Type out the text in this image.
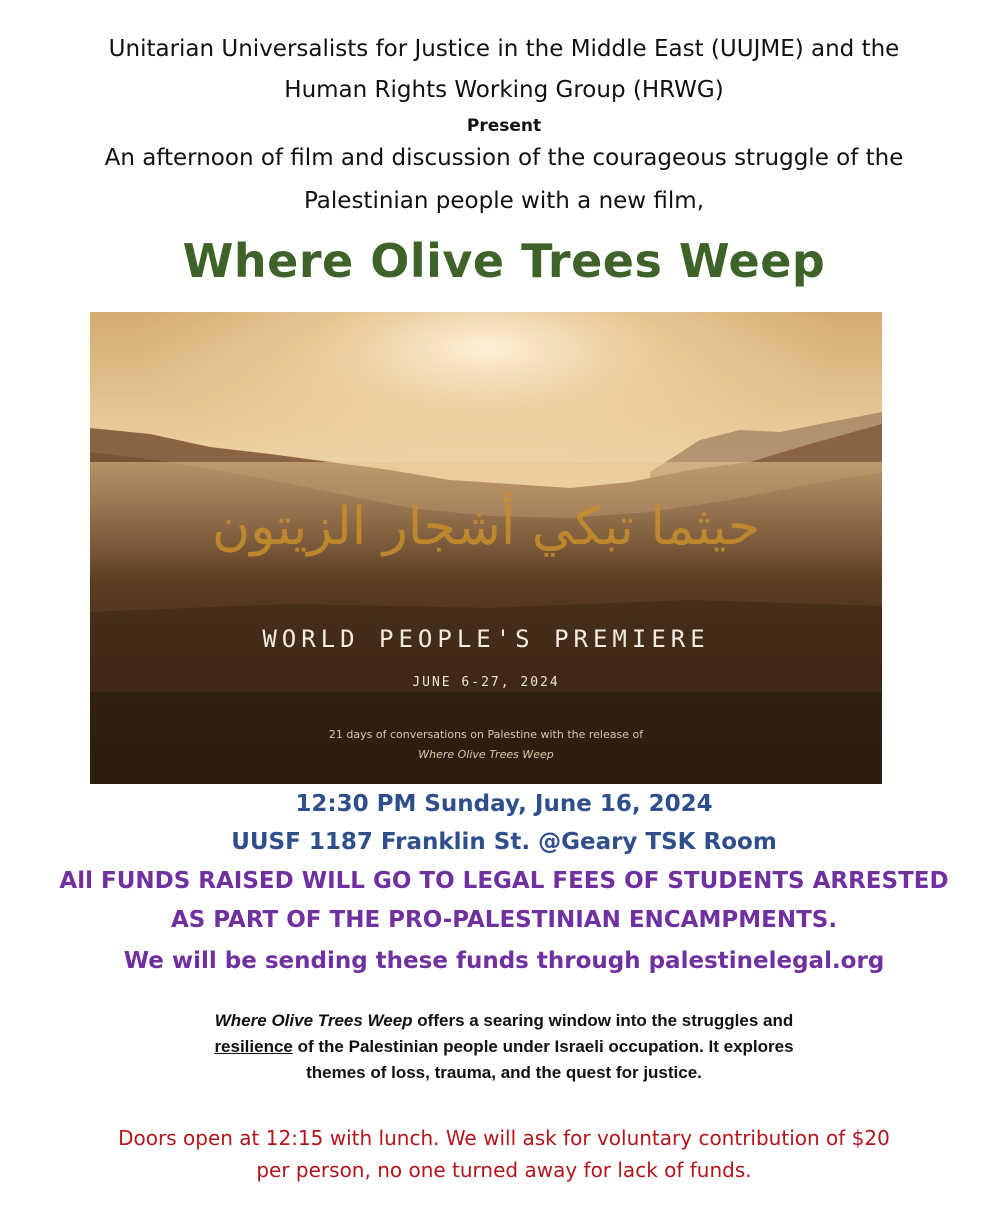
Unitarian Universalists for Justice in the Middle East (UUJME) and the

Human Rights Working Group (HRWG)

Present

An afternoon of film and discussion of the courageous struggle of the

Palestinian people with a new film,

Where Olive Trees Weep
حيثما تبكي أشجار الزيتون
WORLD PEOPLE'S PREMIERE
JUNE 6-27, 2024
21 days of conversations on Palestine with the release of
Where Olive Trees Weep

12:30 PM Sunday, June 16, 2024

UUSF 1187 Franklin St. @Geary TSK Room

All FUNDS RAISED WILL GO TO LEGAL FEES OF STUDENTS ARRESTED

AS PART OF THE PRO-PALESTINIAN ENCAMPMENTS.

We will be sending these funds through palestinelegal.org

Where Olive Trees Weep offers a searing window into the struggles and

resilience of the Palestinian people under Israeli occupation. It explores

themes of loss, trauma, and the quest for justice.

Doors open at 12:15 with lunch. We will ask for voluntary contribution of $20

per person, no one turned away for lack of funds.
